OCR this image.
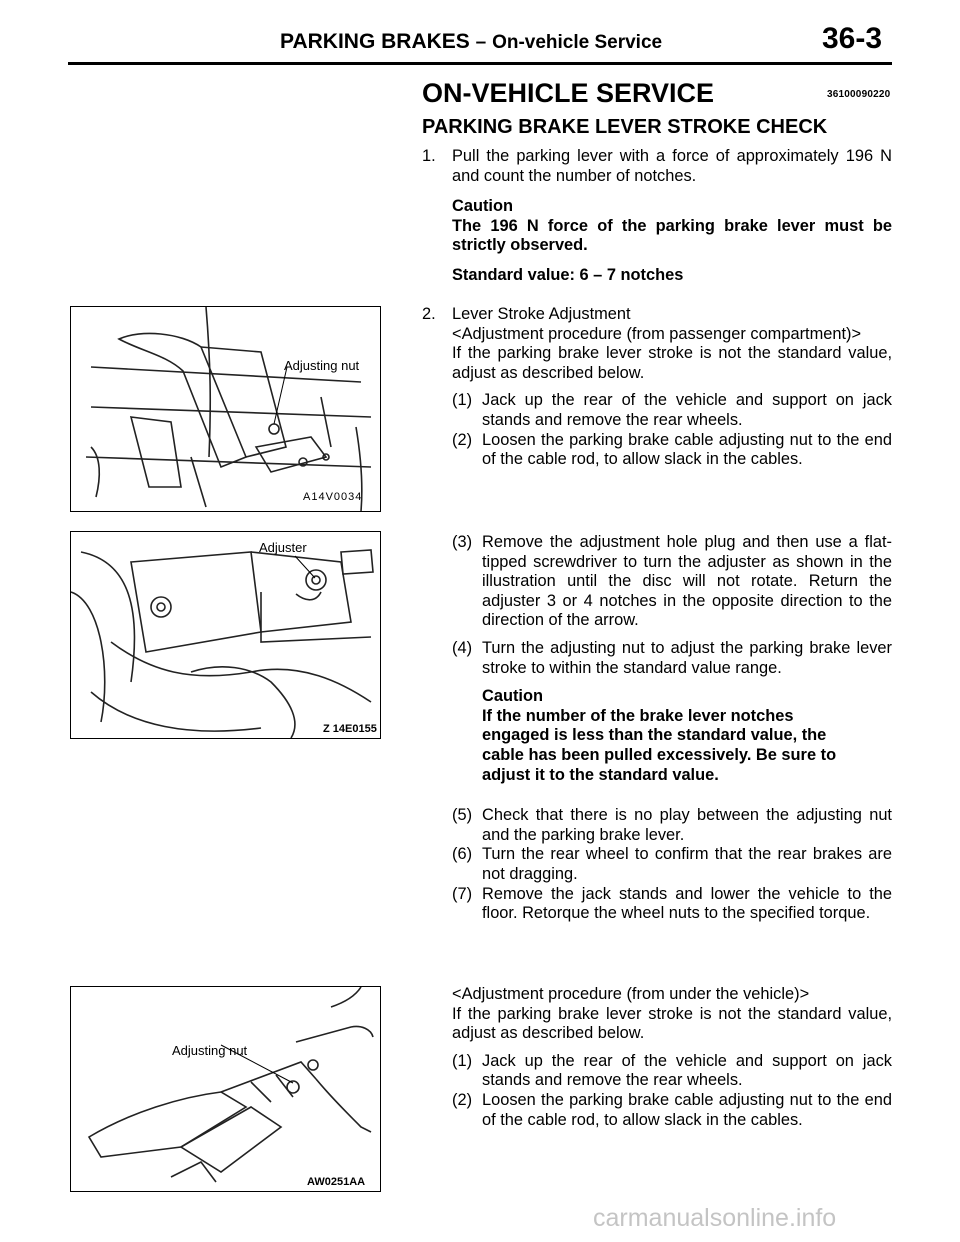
PARKING BRAKES – On-vehicle Service	36-3
ON-VEHICLE SERVICE	36100090220
PARKING BRAKE LEVER STROKE CHECK
1. Pull the parking lever with a force of approximately 196 N and count the number of notches.
Caution
The 196 N force of the parking brake lever must be strictly observed.
Standard value: 6 – 7 notches
2. Lever Stroke Adjustment
<Adjustment procedure (from passenger compartment)>
If the parking brake lever stroke is not the standard value, adjust as described below.
(1) Jack up the rear of the vehicle and support on jack stands and remove the rear wheels.
(2) Loosen the parking brake cable adjusting nut to the end of the cable rod, to allow slack in the cables.
(3) Remove the adjustment hole plug and then use a flat-tipped screwdriver to turn the adjuster as shown in the illustration until the disc will not rotate. Return the adjuster 3 or 4 notches in the opposite direction to the direction of the arrow.
(4) Turn the adjusting nut to adjust the parking brake lever stroke to within the standard value range.
Caution
If the number of the brake lever notches engaged is less than the standard value, the cable has been pulled excessively. Be sure to adjust it to the standard value.
(5) Check that there is no play between the adjusting nut and the parking brake lever.
(6) Turn the rear wheel to confirm that the rear brakes are not dragging.
(7) Remove the jack stands and lower the vehicle to the floor. Retorque the wheel nuts to the specified torque.
<Adjustment procedure (from under the vehicle)>
If the parking brake lever stroke is not the standard value, adjust as described below.
(1) Jack up the rear of the vehicle and support on jack stands and remove the rear wheels.
(2) Loosen the parking brake cable adjusting nut to the end of the cable rod, to allow slack in the cables.
Adjusting nut
A14V0034
Adjuster
Z 14E0155
Adjusting nut
AW0251AA
carmanualsonline.info
